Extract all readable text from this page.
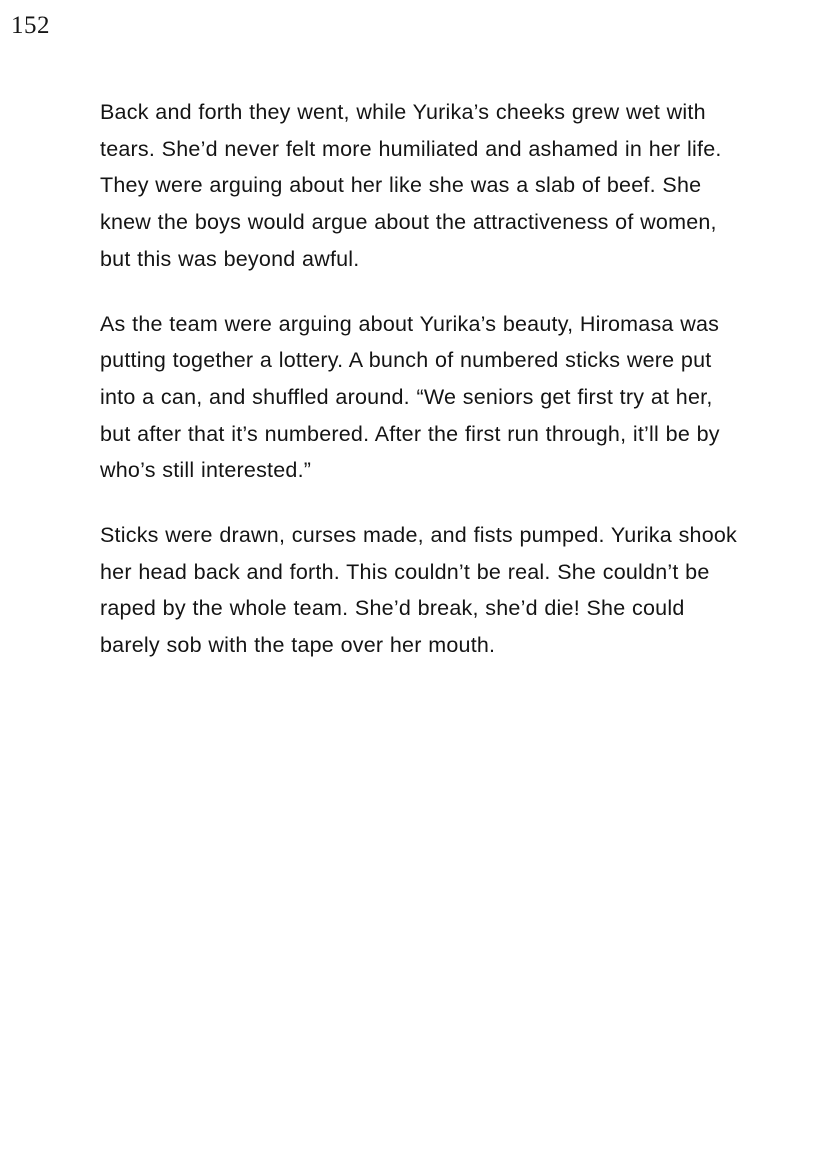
152

Back and forth they went, while Yurika’s cheeks grew wet with tears. She’d never felt more humiliated and ashamed in her life. They were arguing about her like she was a slab of beef. She knew the boys would argue about the attractiveness of women, but this was beyond awful.

As the team were arguing about Yurika’s beauty, Hiromasa was putting together a lottery. A bunch of numbered sticks were put into a can, and shuffled around. “We seniors get first try at her, but after that it’s numbered. After the first run through, it’ll be by who’s still interested.”

Sticks were drawn, curses made, and fists pumped. Yurika shook her head back and forth. This couldn’t be real. She couldn’t be raped by the whole team. She’d break, she’d die! She could barely sob with the tape over her mouth.
